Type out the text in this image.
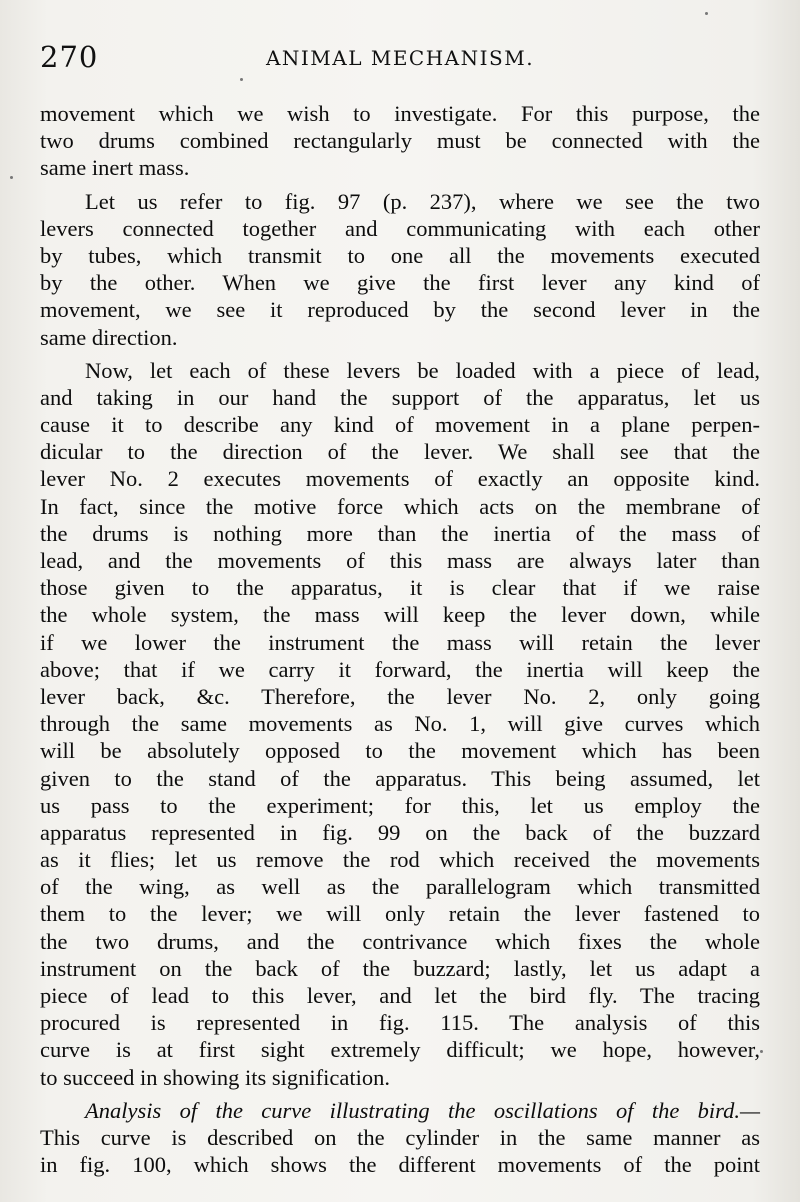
270	ANIMAL MECHANISM.
movement which we wish to investigate. For this purpose, the
two drums combined rectangularly must be connected with the
same inert mass.
Let us refer to fig. 97 (p. 237), where we see the two
levers connected together and communicating with each other
by tubes, which transmit to one all the movements executed
by the other. When we give the first lever any kind of
movement, we see it reproduced by the second lever in the
same direction.
Now, let each of these levers be loaded with a piece of lead,
and taking in our hand the support of the apparatus, let us
cause it to describe any kind of movement in a plane perpen-
dicular to the direction of the lever. We shall see that the
lever No. 2 executes movements of exactly an opposite kind.
In fact, since the motive force which acts on the membrane of
the drums is nothing more than the inertia of the mass of
lead, and the movements of this mass are always later than
those given to the apparatus, it is clear that if we raise
the whole system, the mass will keep the lever down, while
if we lower the instrument the mass will retain the lever
above; that if we carry it forward, the inertia will keep the
lever back, &c. Therefore, the lever No. 2, only going
through the same movements as No. 1, will give curves which
will be absolutely opposed to the movement which has been
given to the stand of the apparatus. This being assumed, let
us pass to the experiment; for this, let us employ the
apparatus represented in fig. 99 on the back of the buzzard
as it flies; let us remove the rod which received the movements
of the wing, as well as the parallelogram which transmitted
them to the lever; we will only retain the lever fastened to
the two drums, and the contrivance which fixes the whole
instrument on the back of the buzzard; lastly, let us adapt a
piece of lead to this lever, and let the bird fly. The tracing
procured is represented in fig. 115. The analysis of this
curve is at first sight extremely difficult; we hope, however,
to succeed in showing its signification.
Analysis of the curve illustrating the oscillations of the bird.—
This curve is described on the cylinder in the same manner as
in fig. 100, which shows the different movements of the point
